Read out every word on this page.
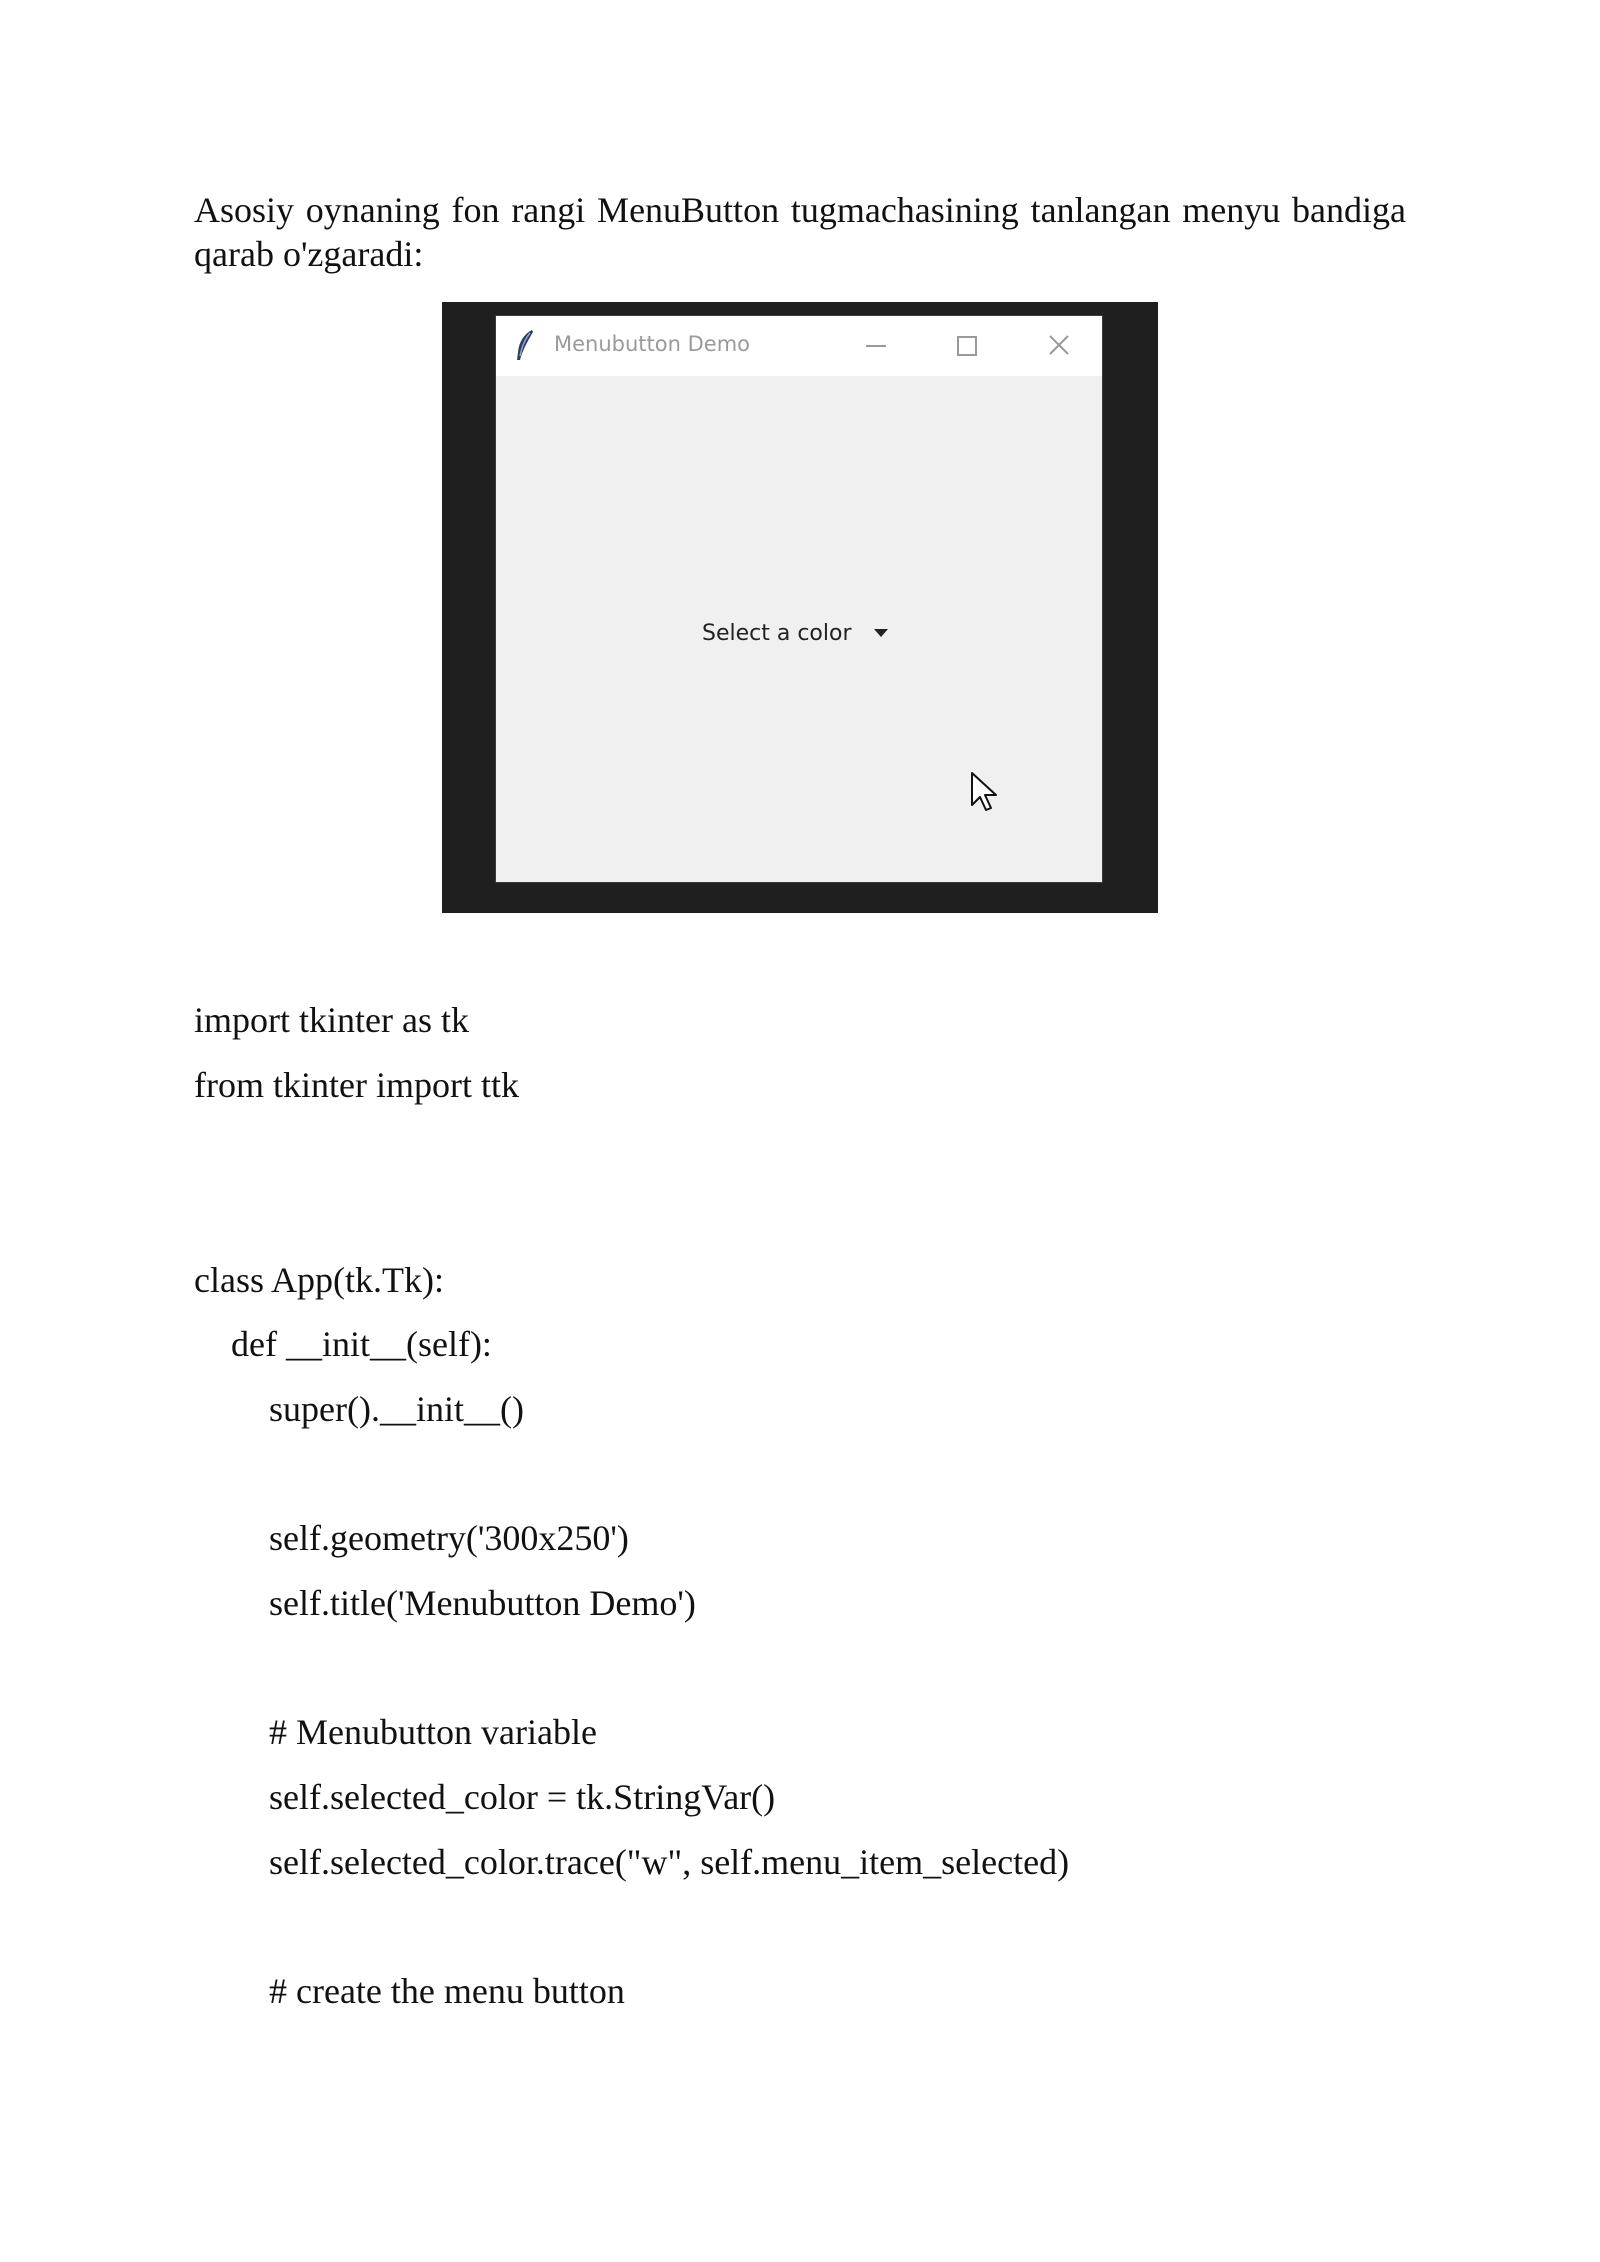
Asosiy oynaning fon rangi MenuButton tugmachasining tanlangan menyu bandiga qarab o'zgaradi:

Menubutton Demo
Select a color

import tkinter as tk

from tkinter import ttk

class App(tk.Tk):

def __init__(self):

super().__init__()

self.geometry('300x250')

self.title('Menubutton Demo')

# Menubutton variable

self.selected_color = tk.StringVar()

self.selected_color.trace("w", self.menu_item_selected)

# create the menu button
